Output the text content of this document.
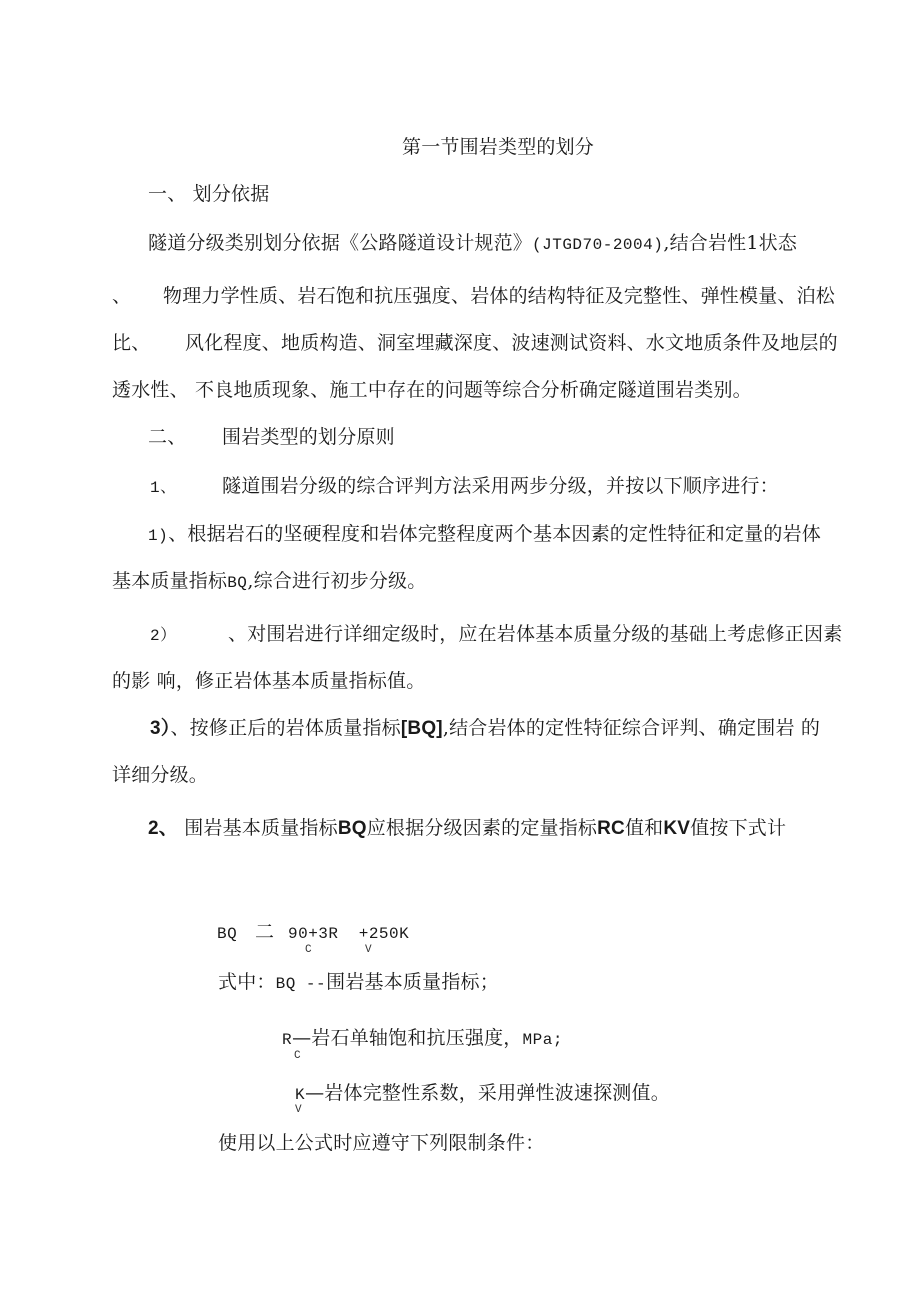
第一节围岩类型的划分
一、 划分依据
隧道分级类别划分依据《公路隧道设计规范》(JTGD70-2004),结合岩性1状态
、 物理力学性质、岩石饱和抗压强度、岩体的结构特征及完整性、弹性模量、泊松
比、 风化程度、地质构造、洞室埋藏深度、波速测试资料、水文地质条件及地层的
透水性、 不良地质现象、施工中存在的问题等综合分析确定隧道围岩类别。
二、 围岩类型的划分原则
1、 隧道围岩分级的综合评判方法采用两步分级，并按以下顺序进行：
1)、根据岩石的坚硬程度和岩体完整程度两个基本因素的定性特征和定量的岩体
基本质量指标BQ,综合进行初步分级。
2）	、对围岩进行详细定级时，应在岩体基本质量分级的基础上考虑修正因素
的影 响，修正岩体基本质量指标值。
3）、按修正后的岩体质量指标[BQ],结合岩体的定性特征综合评判、确定围岩 的
详细分级。
2、 围岩基本质量指标BQ应根据分级因素的定量指标RC值和KV值按下式计
BQ 二 90+3R  +250K
C	V
式中：BQ --围岩基本质量指标；
R—岩石单轴饱和抗压强度，MPa;
C
K—岩体完整性系数，采用弹性波速探测值。
V
使用以上公式时应遵守下列限制条件：
